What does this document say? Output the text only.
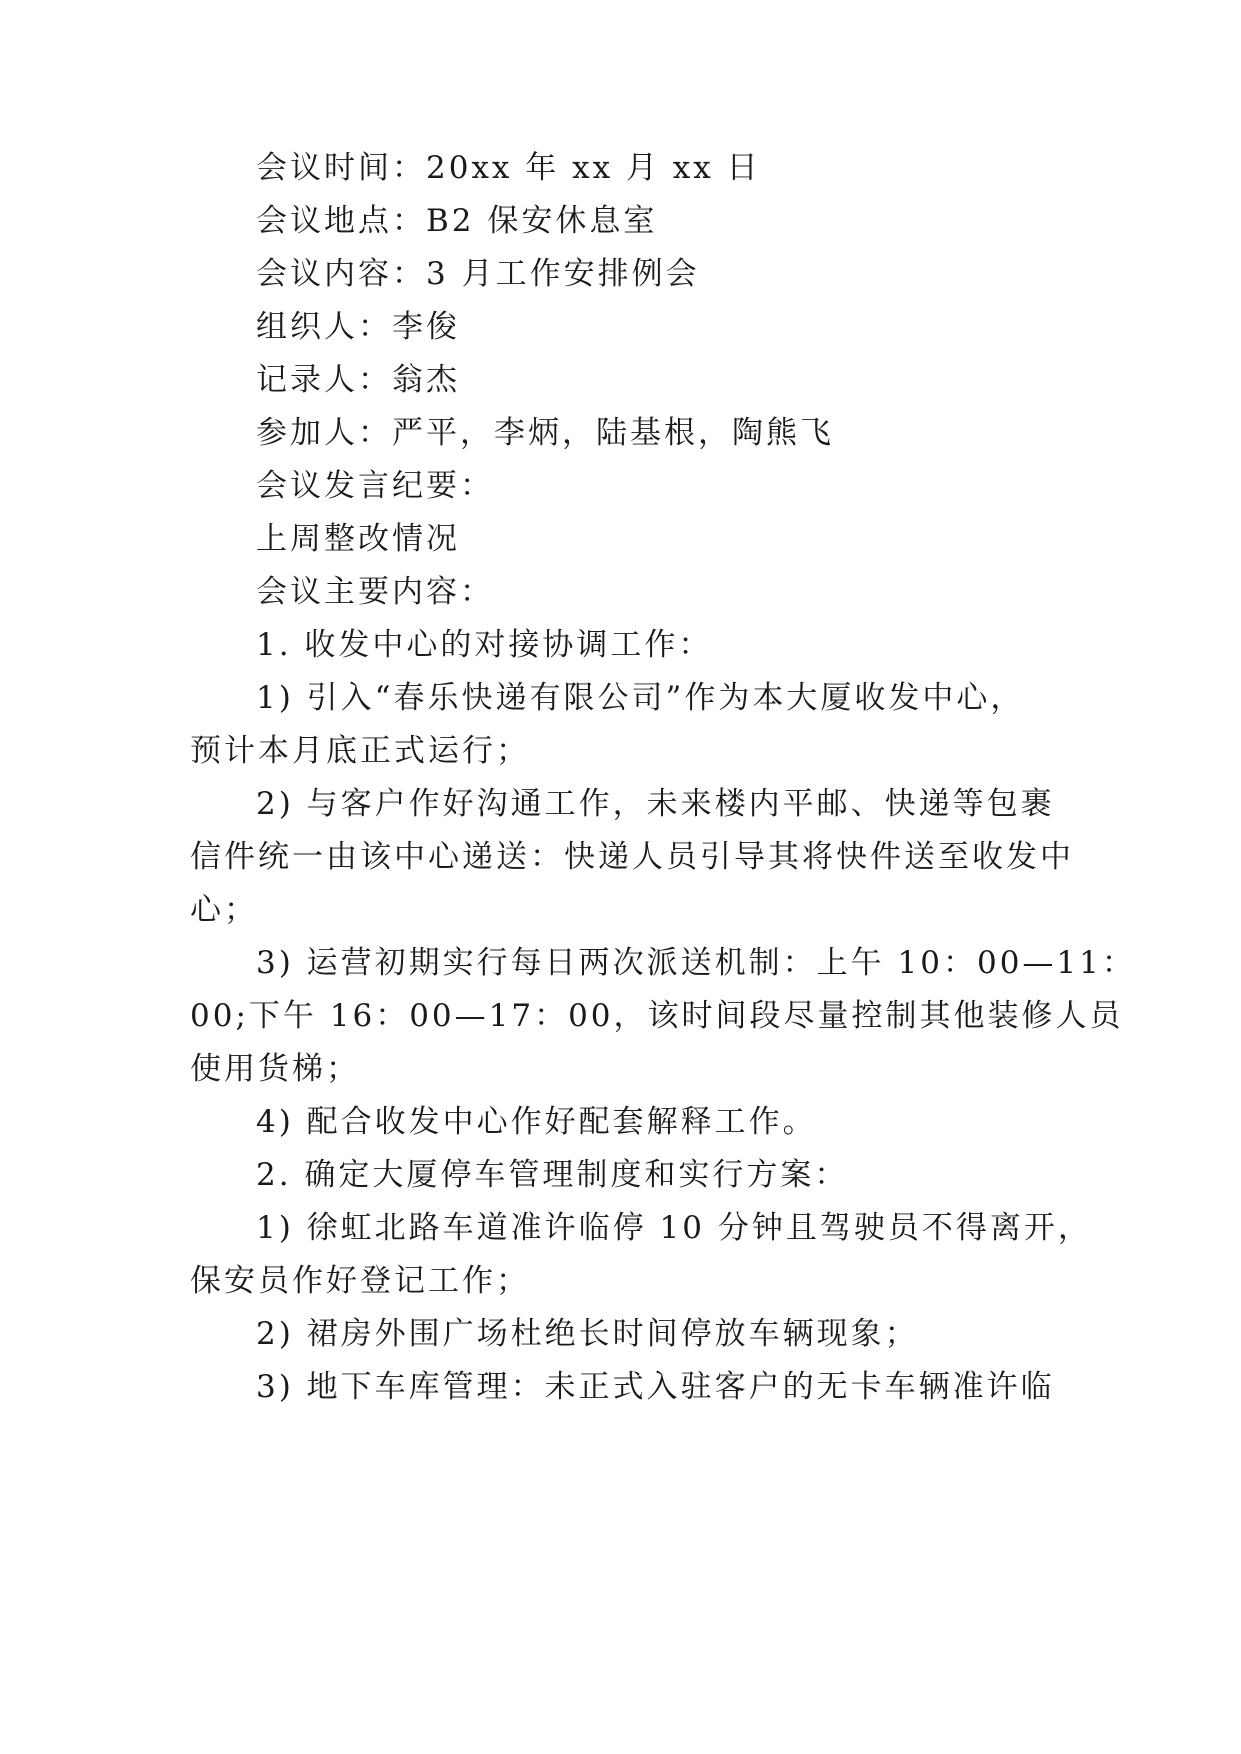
会议时间：20xx 年 xx 月 xx 日
会议地点：B2 保安休息室
会议内容：3 月工作安排例会
组织人：李俊
记录人：翁杰
参加人：严平，李炳，陆基根，陶熊飞
会议发言纪要：
上周整改情况
会议主要内容：
1. 收发中心的对接协调工作：
1) 引入“春乐快递有限公司”作为本大厦收发中心，
预计本月底正式运行；
2) 与客户作好沟通工作，未来楼内平邮、快递等包裹
信件统一由该中心递送：快递人员引导其将快件送至收发中
心；
3) 运营初期实行每日两次派送机制：上午 10：00—11：
00;下午 16：00—17：00，该时间段尽量控制其他装修人员
使用货梯；
4) 配合收发中心作好配套解释工作。
2. 确定大厦停车管理制度和实行方案：
1) 徐虹北路车道准许临停 10 分钟且驾驶员不得离开，
保安员作好登记工作；
2) 裙房外围广场杜绝长时间停放车辆现象；
3) 地下车库管理：未正式入驻客户的无卡车辆准许临
